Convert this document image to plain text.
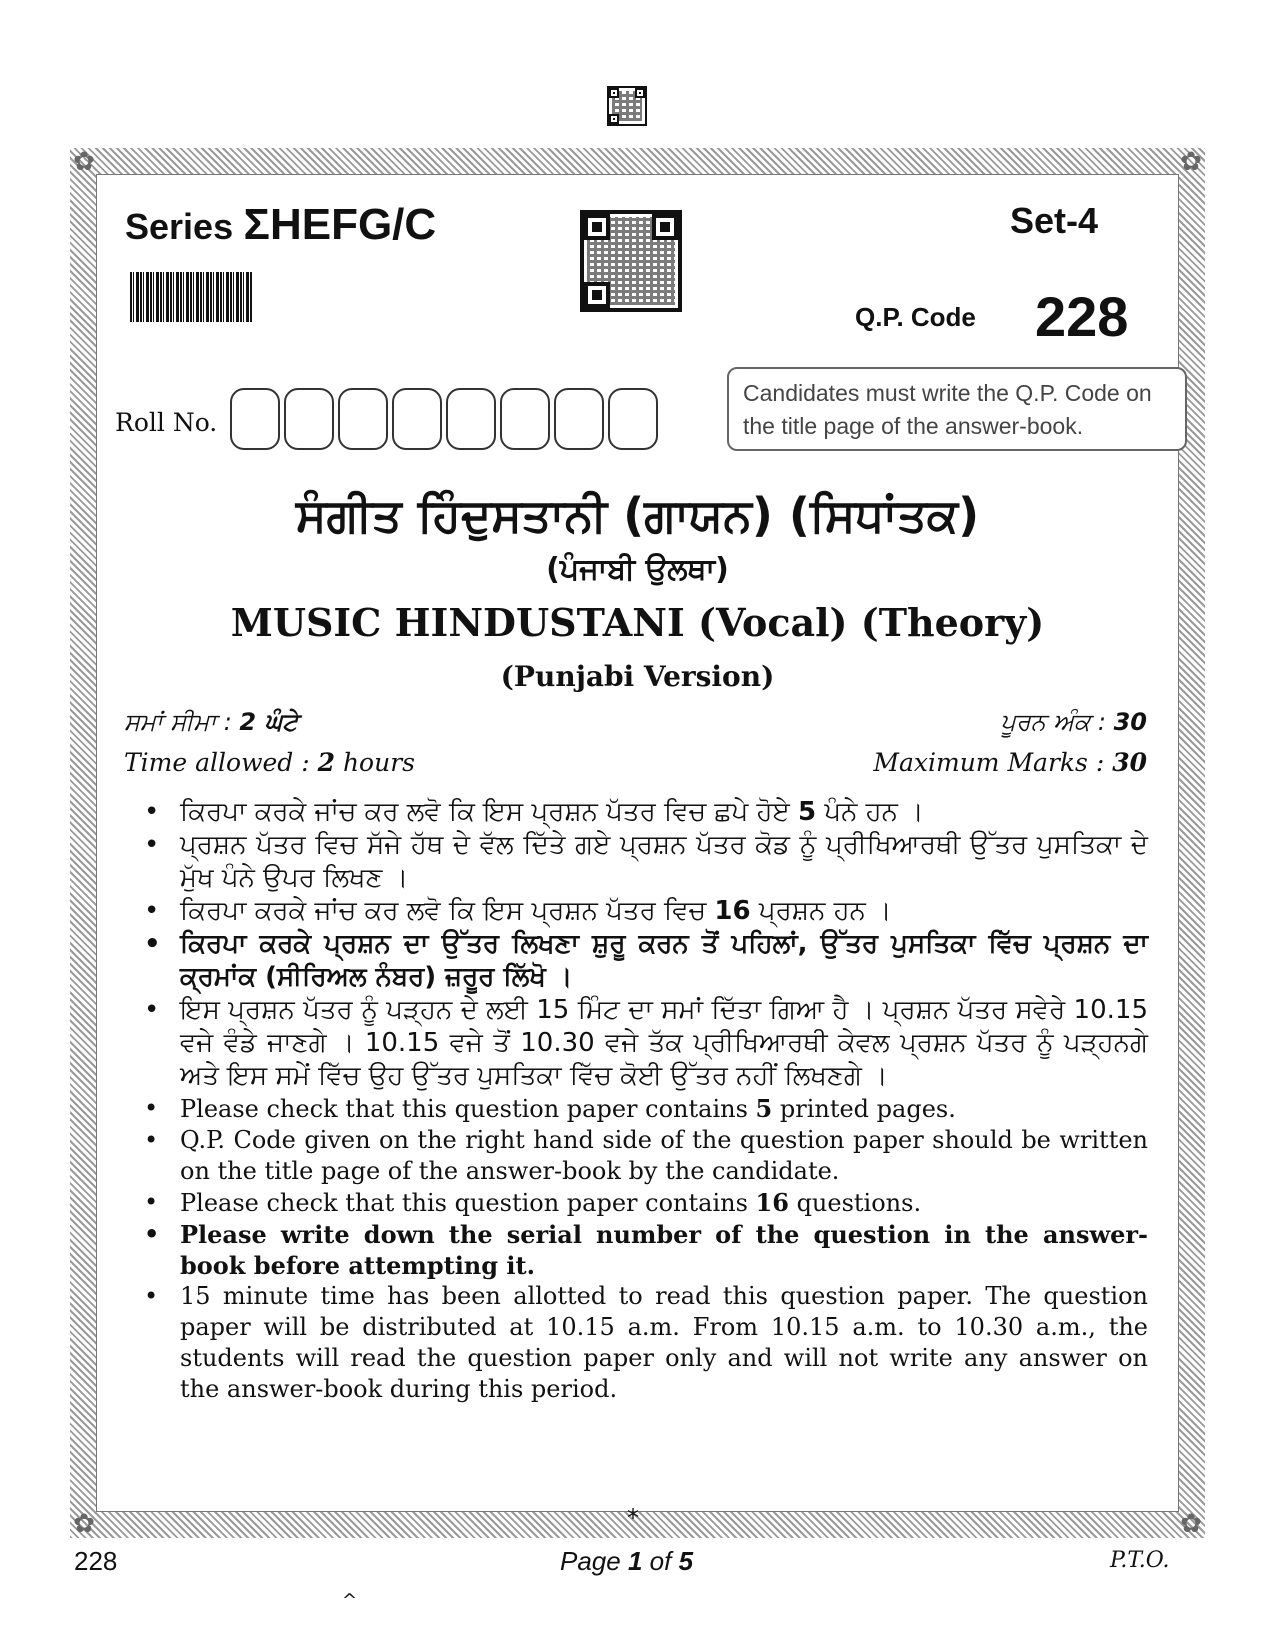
✿	✿
✿	✿
Series ΣHEFG/C	Set-4
Q.P. Code 228
Candidates must write the Q.P. Code on the title page of the answer-book.
Roll No.
ਸੰਗੀਤ ਹਿੰਦੁਸਤਾਨੀ (ਗਾਯਨ) (ਸਿਧਾਂਤਕ)
(ਪੰਜਾਬੀ ਉਲਥਾ)
MUSIC HINDUSTANI (Vocal) (Theory)
(Punjabi Version)
ਸਮਾਂ ਸੀਮਾ : 2 ਘੰਟੇ	ਪੂਰਨ ਅੰਕ : 30
Time allowed : 2 hours	Maximum Marks : 30
• ਕਿਰਪਾ ਕਰਕੇ ਜਾਂਚ ਕਰ ਲਵੋ ਕਿ ਇਸ ਪ੍ਰਸ਼ਨ ਪੱਤਰ ਵਿਚ ਛਪੇ ਹੋਏ 5 ਪੰਨੇ ਹਨ ।
• ਪ੍ਰਸ਼ਨ ਪੱਤਰ ਵਿਚ ਸੱਜੇ ਹੱਥ ਦੇ ਵੱਲ ਦਿੱਤੇ ਗਏ ਪ੍ਰਸ਼ਨ ਪੱਤਰ ਕੋਡ ਨੂੰ ਪ੍ਰੀਖਿਆਰਥੀ ਉੱਤਰ ਪੁਸਤਿਕਾ ਦੇ ਮੁੱਖ ਪੰਨੇ ਉਪਰ ਲਿਖਣ ।
• ਕਿਰਪਾ ਕਰਕੇ ਜਾਂਚ ਕਰ ਲਵੋ ਕਿ ਇਸ ਪ੍ਰਸ਼ਨ ਪੱਤਰ ਵਿਚ 16 ਪ੍ਰਸ਼ਨ ਹਨ ।
• ਕਿਰਪਾ ਕਰਕੇ ਪ੍ਰਸ਼ਨ ਦਾ ਉੱਤਰ ਲਿਖਣਾ ਸ਼ੁਰੂ ਕਰਨ ਤੋਂ ਪਹਿਲਾਂ, ਉੱਤਰ ਪੁਸਤਿਕਾ ਵਿੱਚ ਪ੍ਰਸ਼ਨ ਦਾ ਕ੍ਰਮਾਂਕ (ਸੀਰਿਅਲ ਨੰਬਰ) ਜ਼ਰੂਰ ਲਿੱਖੋ ।
• ਇਸ ਪ੍ਰਸ਼ਨ ਪੱਤਰ ਨੂੰ ਪੜ੍ਹਨ ਦੇ ਲਈ 15 ਮਿੰਟ ਦਾ ਸਮਾਂ ਦਿੱਤਾ ਗਿਆ ਹੈ । ਪ੍ਰਸ਼ਨ ਪੱਤਰ ਸਵੇਰੇ 10.15 ਵਜੇ ਵੰਡੇ ਜਾਣਗੇ । 10.15 ਵਜੇ ਤੋਂ 10.30 ਵਜੇ ਤੱਕ ਪ੍ਰੀਖਿਆਰਥੀ ਕੇਵਲ ਪ੍ਰਸ਼ਨ ਪੱਤਰ ਨੂੰ ਪੜ੍ਹਨਗੇ ਅਤੇ ਇਸ ਸਮੇਂ ਵਿੱਚ ਉਹ ਉੱਤਰ ਪੁਸਤਿਕਾ ਵਿੱਚ ਕੋਈ ਉੱਤਰ ਨਹੀਂ ਲਿਖਣਗੇ ।
• Please check that this question paper contains 5 printed pages.
• Q.P. Code given on the right hand side of the question paper should be written on the title page of the answer-book by the candidate.
• Please check that this question paper contains 16 questions.
• Please write down the serial number of the question in the answer-book before attempting it.
• 15 minute time has been allotted to read this question paper. The question paper will be distributed at 10.15 a.m. From 10.15 a.m. to 10.30 a.m., the students will read the question paper only and will not write any answer on the answer-book during this period.
*
228	Page 1 of 5	P.T.O.
^
